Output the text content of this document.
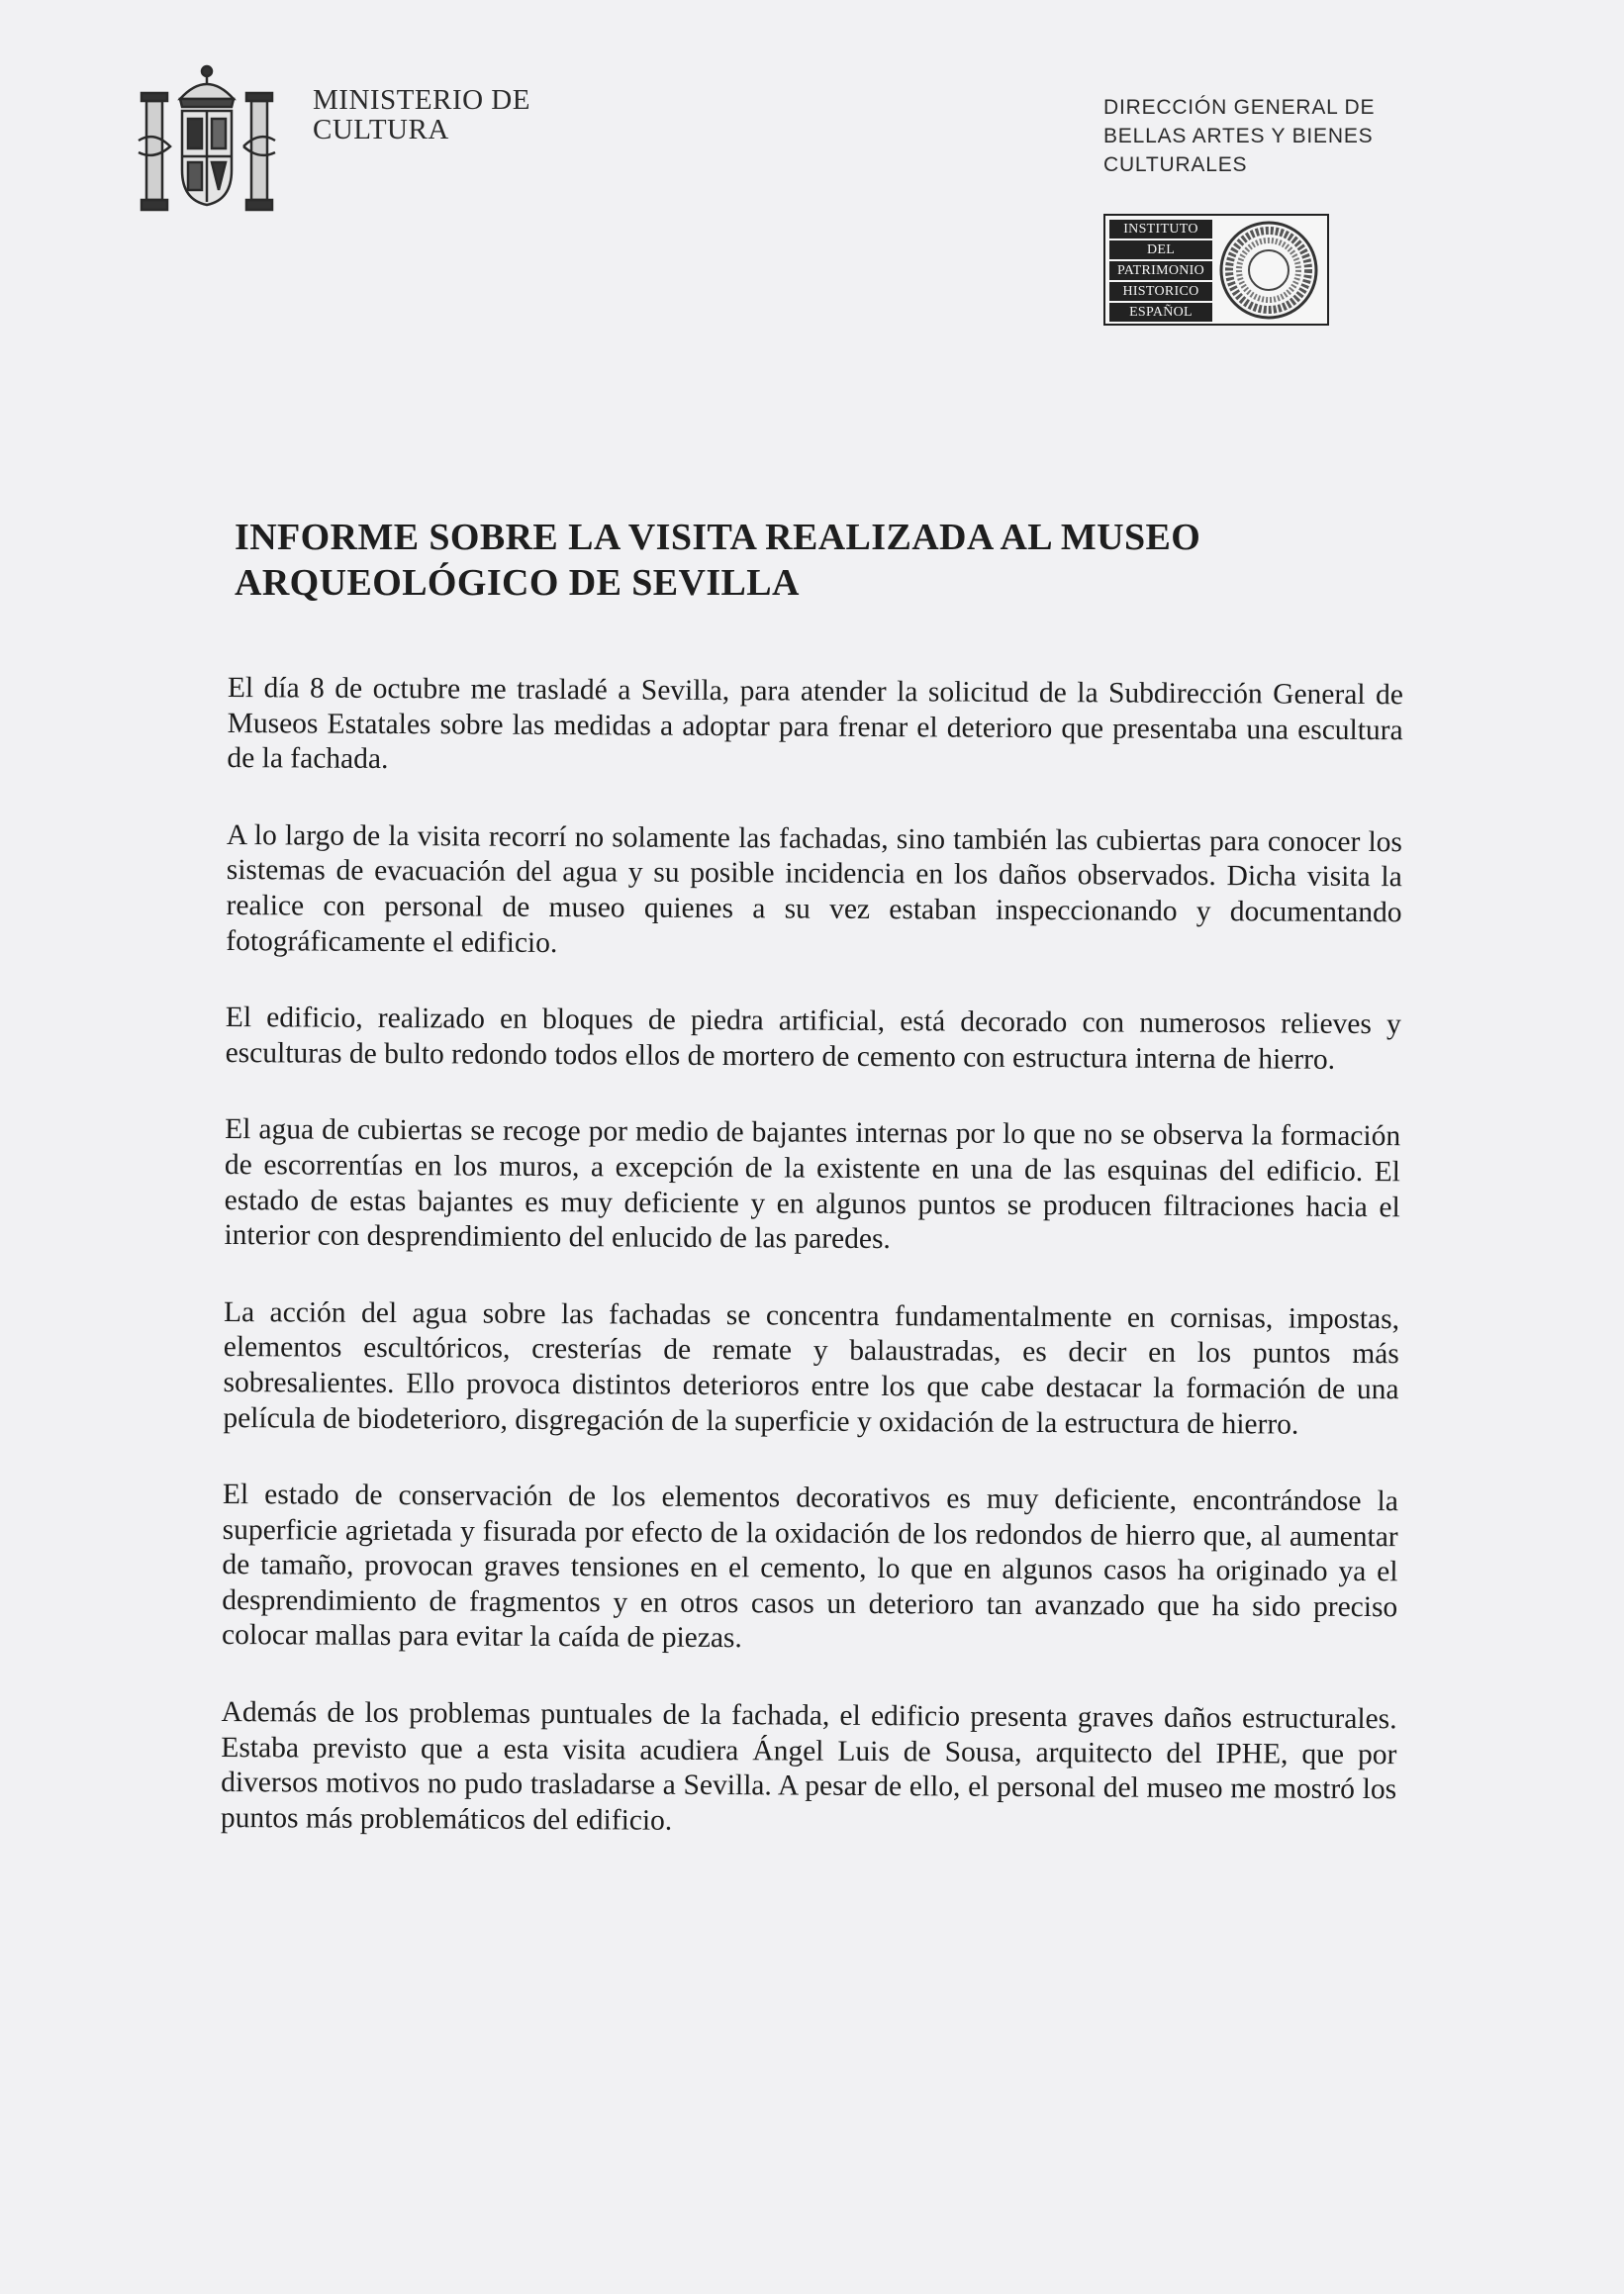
MINISTERIO DE
CULTURA
DIRECCIÓN GENERAL DE
BELLAS ARTES Y BIENES
CULTURALES
INSTITUTO
DEL
PATRIMONIO
HISTORICO
ESPAÑOL
INFORME SOBRE LA VISITA REALIZADA AL MUSEO
ARQUEOLÓGICO DE SEVILLA

El día 8 de octubre me trasladé a Sevilla, para atender la solicitud de la Subdirección General de Museos Estatales sobre las medidas a adoptar para frenar el deterioro que presentaba una escultura de la fachada.

A lo largo de la visita recorrí no solamente las fachadas, sino también las cubiertas para conocer los sistemas de evacuación del agua y su posible incidencia en los daños observados. Dicha visita la realice con personal de museo quienes a su vez estaban inspeccionando y documentando fotográficamente el edificio.

El edificio, realizado en bloques de piedra artificial, está decorado con numerosos relieves y esculturas de bulto redondo todos ellos de mortero de cemento con estructura interna de hierro.

El agua de cubiertas se recoge por medio de bajantes internas por lo que no se observa la formación de escorrentías en los muros, a excepción de la existente en una de las esquinas del edificio. El estado de estas bajantes es muy deficiente y en algunos puntos se producen filtraciones hacia el interior con desprendimiento del enlucido de las paredes.

La acción del agua sobre las fachadas se concentra fundamentalmente en cornisas, impostas, elementos escultóricos, cresterías de remate y balaustradas, es decir en los puntos más sobresalientes. Ello provoca distintos deterioros entre los que cabe destacar la formación de una película de biodeterioro, disgregación de la superficie y oxidación de la estructura de hierro.

El estado de conservación de los elementos decorativos es muy deficiente, encontrándose la superficie agrietada y fisurada por efecto de la oxidación de los redondos de hierro que, al aumentar de tamaño, provocan graves tensiones en el cemento, lo que en algunos casos ha originado ya el desprendimiento de fragmentos y en otros casos un deterioro tan avanzado que ha sido preciso colocar mallas para evitar la caída de piezas.

Además de los problemas puntuales de la fachada, el edificio presenta graves daños estructurales. Estaba previsto que a esta visita acudiera Ángel Luis de Sousa, arquitecto del IPHE, que por diversos motivos no pudo trasladarse a Sevilla. A pesar de ello, el personal del museo me mostró los puntos más problemáticos del edificio.
